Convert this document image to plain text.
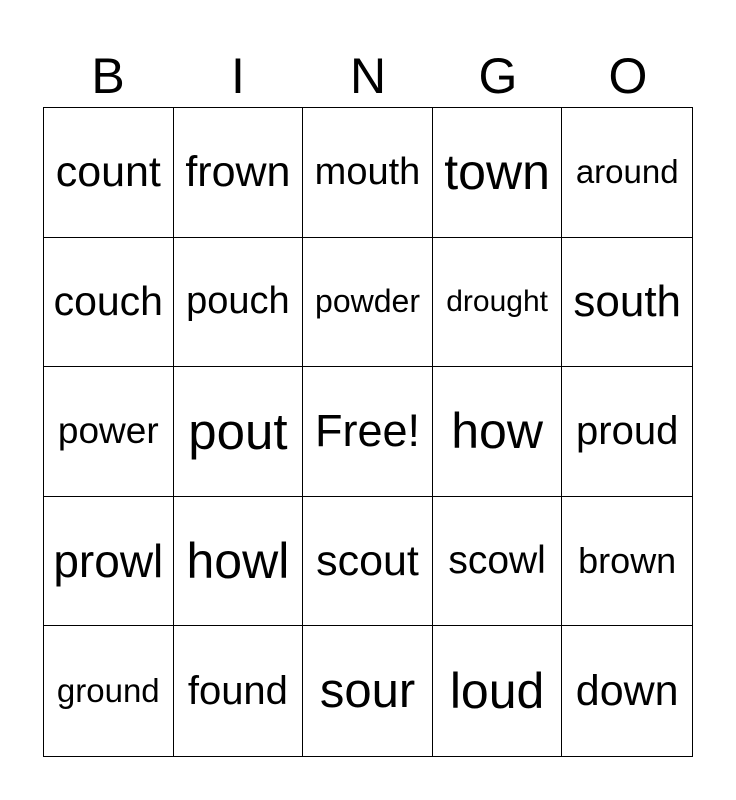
B	I	N	G	O
count frown mouth town around
couch pouch powder drought south
power pout Free! how proud
prowl howl scout scowl brown
ground found sour loud down
